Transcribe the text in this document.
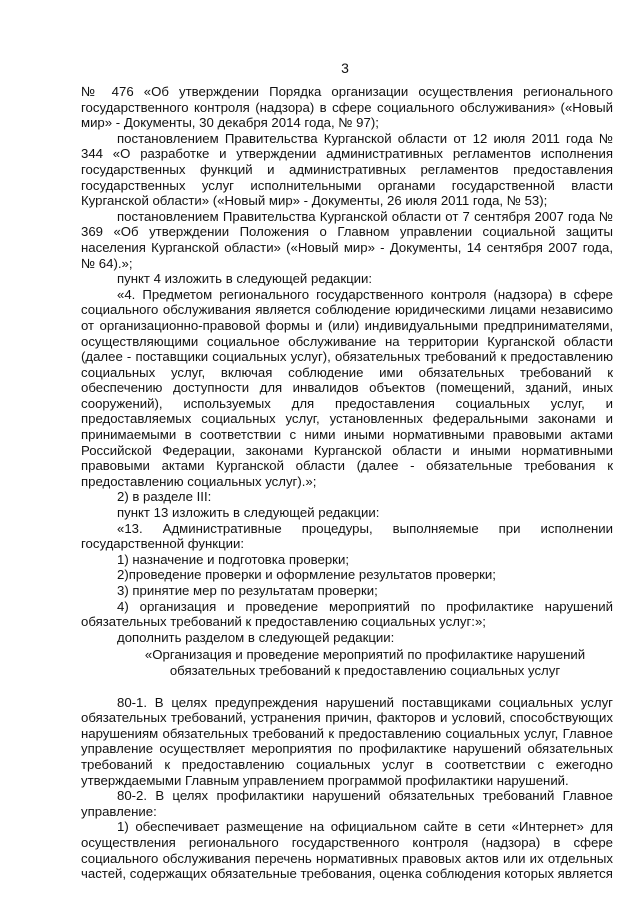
3

№ 476 «Об утверждении Порядка организации осуществления регионального государственного контроля (надзора) в сфере социального обслуживания» («Новый мир» - Документы, 30 декабря 2014 года, № 97);

постановлением Правительства Курганской области от 12 июля 2011 года № 344 «О разработке и утверждении административных регламентов исполнения государственных функций и административных регламентов предоставления государственных услуг исполнительными органами государственной власти Курганской области» («Новый мир» - Документы, 26 июля 2011 года, № 53);

постановлением Правительства Курганской области от 7 сентября 2007 года № 369 «Об утверждении Положения о Главном управлении социальной защиты населения Курганской области» («Новый мир» - Документы, 14 сентября 2007 года, № 64).»;

пункт 4 изложить в следующей редакции:

«4. Предметом регионального государственного контроля (надзора) в сфере социального обслуживания является соблюдение юридическими лицами независимо от организационно-правовой формы и (или) индивидуальными предпринимателями, осуществляющими социальное обслуживание на территории Курганской области (далее - поставщики социальных услуг), обязательных требований к предоставлению социальных услуг, включая соблюдение ими обязательных требований к обеспечению доступности для инвалидов объектов (помещений, зданий, иных сооружений), используемых для предоставления социальных услуг, и предоставляемых социальных услуг, установленных федеральными законами и принимаемыми в соответствии с ними иными нормативными правовыми актами Российской Федерации, законами Курганской области и иными нормативными правовыми актами Курганской области (далее - обязательные требования к предоставлению социальных услуг).»;

2) в разделе III:

пункт 13 изложить в следующей редакции:

«13. Административные процедуры, выполняемые при исполнении государственной функции:

1) назначение и подготовка проверки;

2)проведение проверки и оформление результатов проверки;

3) принятие мер по результатам проверки;

4) организация и проведение мероприятий по профилактике нарушений обязательных требований к предоставлению социальных услуг:»;

дополнить разделом в следующей редакции:

«Организация и проведение мероприятий по профилактике нарушений обязательных требований к предоставлению социальных услуг

80-1. В целях предупреждения нарушений поставщиками социальных услуг обязательных требований, устранения причин, факторов и условий, способствующих нарушениям обязательных требований к предоставлению социальных услуг, Главное управление осуществляет мероприятия по профилактике нарушений обязательных требований к предоставлению социальных услуг в соответствии с ежегодно утверждаемыми Главным управлением программой профилактики нарушений.

80-2. В целях профилактики нарушений обязательных требований Главное управление:

1) обеспечивает размещение на официальном сайте в сети «Интернет» для осуществления регионального государственного контроля (надзора) в сфере социального обслуживания перечень нормативных правовых актов или их отдельных частей, содержащих обязательные требования, оценка соблюдения которых является
